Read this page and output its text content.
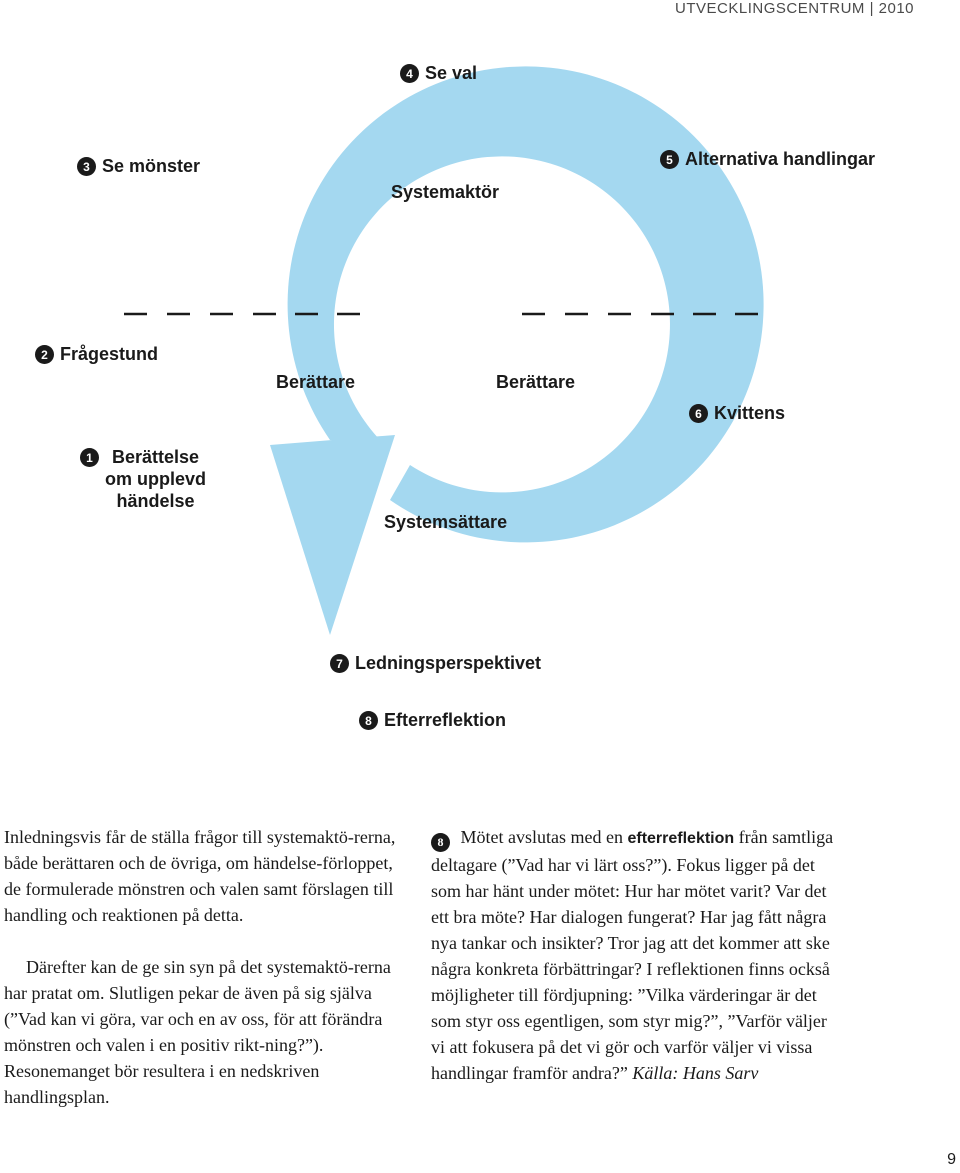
UTVECKLINGSCENTRUM | 2010
4 Se val
3 Se mönster	5 Alternativa handlingar
2 Frågestund
6 Kvittens
1	Berättelse
om upplevd
händelse
7 Ledningsperspektivet
8 Efterreflektion
Systemaktör
Berättare	Berättare
Systemsättare

Inledningsvis får de ställa frågor till systemaktö-rerna, både berättaren och de övriga, om händelse-förloppet, de formulerade mönstren och valen samt förslagen till handling och reaktionen på detta.

Därefter kan de ge sin syn på det systemaktö-rerna har pratat om. Slutligen pekar de även på sig själva (”Vad kan vi göra, var och en av oss, för att förändra mönstren och valen i en positiv rikt-ning?”). Resonemanget bör resultera i en nedskriven handlingsplan.

8 Mötet avslutas med en efterreflektion från samtliga deltagare (”Vad har vi lärt oss?”). Fokus ligger på det som har hänt under mötet: Hur har mötet varit? Var det ett bra möte? Har dialogen fungerat? Har jag fått några nya tankar och insikter? Tror jag att det kommer att ske några konkreta förbättringar? I reflektionen finns också möjligheter till fördjupning: ”Vilka värderingar är det som styr oss egentligen, som styr mig?”, ”Varför väljer vi att fokusera på det vi gör och varför väljer vi vissa handlingar framför andra?” Källa: Hans Sarv

9
